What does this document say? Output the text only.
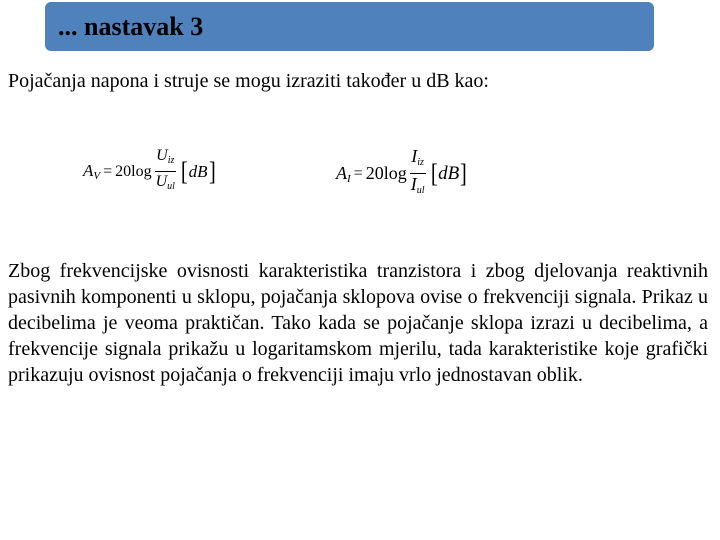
... nastavak 3
Pojačanja napona i struje se mogu izraziti također u dB kao:
$A_V = 20\log \frac{U_{iz}}{U_{ul}}$ [ dB ]	$A_I = 20\log \frac{I_{iz}}{I_{ul}}$ [ dB ]
Zbog frekvencijske ovisnosti karakteristika tranzistora i zbog djelovanja reaktivnih pasivnih komponenti u sklopu, pojačanja sklopova ovise o frekvenciji signala. Prikaz u decibelima je veoma praktičan. Tako kada se pojačanje sklopa izrazi u decibelima, a frekvencije signala prikažu u logaritamskom mjerilu, tada karakteristike koje grafički prikazuju ovisnost pojačanja o frekvenciji imaju vrlo jednostavan oblik.
